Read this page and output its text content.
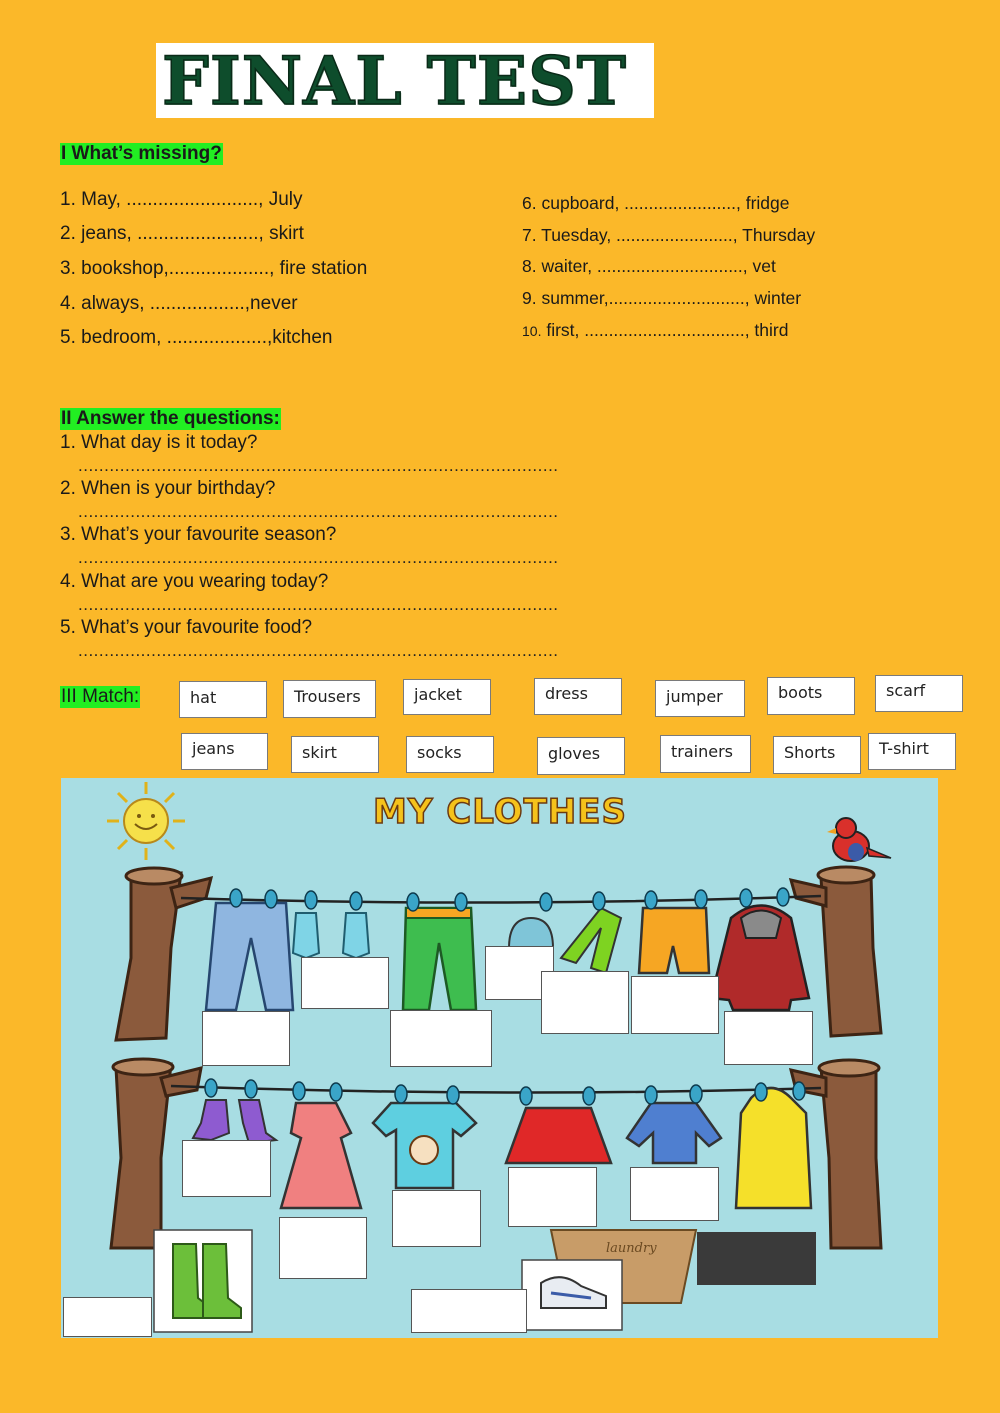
FINAL TEST
I What’s missing?
1. May, ........................., July
2. jeans, ......................., skirt
3. bookshop,..................., fire station
4. always, ..................,never
5. bedroom, ...................,kitchen
6. cupboard, ......................., fridge
7. Tuesday, ........................, Thursday
8. waiter, .............................., vet
9. summer,............................, winter
10. first, ................................., third
II Answer the questions:
1. What day is it today?
............................................................................................
2. When is your birthday?
............................................................................................
3. What’s your favourite season?
............................................................................................
4. What are you wearing today?
............................................................................................
5. What’s your favourite food?
............................................................................................
III Match:	hat	Trousers	jacket	dress	jumper	boots	scarf
jeans	skirt	socks	gloves	trainers	Shorts	T-shirt
laundry
MY CLOTHES
